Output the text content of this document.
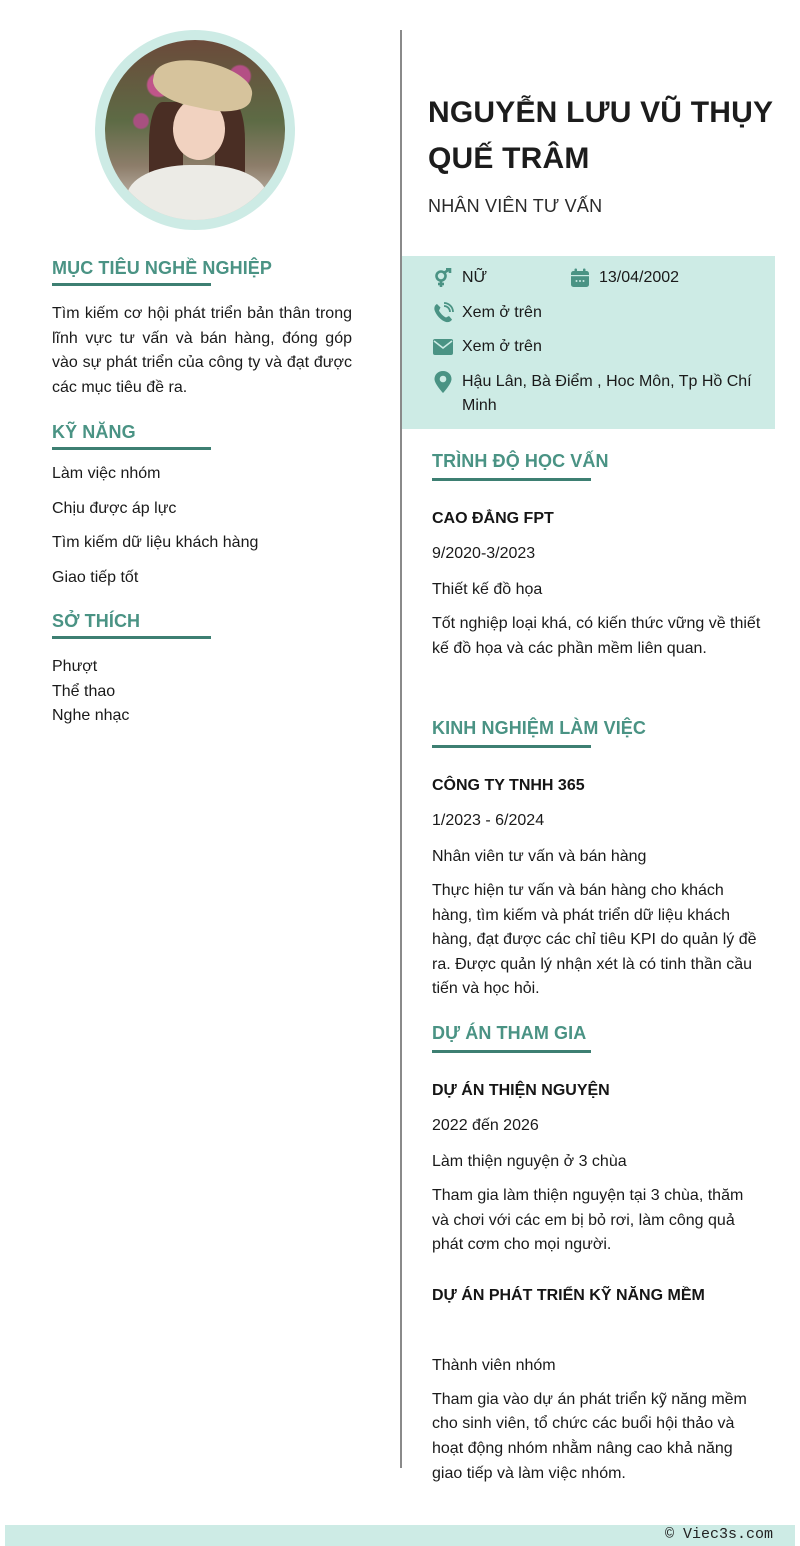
MỤC TIÊU NGHỀ NGHIỆP

Tìm kiếm cơ hội phát triển bản thân trong lĩnh vực tư vấn và bán hàng, đóng góp vào sự phát triển của công ty và đạt được các mục tiêu đề ra.

KỸ NĂNG
Làm việc nhóm
Chịu được áp lực
Tìm kiếm dữ liệu khách hàng
Giao tiếp tốt
SỞ THÍCH
Phượt
Thể thao
Nghe nhạc
NGUYỄN LƯU VŨ THỤY QUẾ TRÂM
NHÂN VIÊN TƯ VẤN
NỮ	13/04/2002
Xem ở trên
Xem ở trên
Hậu Lân, Bà Điểm , Hoc Môn, Tp Hồ Chí Minh
TRÌNH ĐỘ HỌC VẤN
CAO ĐẲNG FPT
9/2020-3/2023
Thiết kế đồ họa
Tốt nghiệp loại khá, có kiến thức vững về thiết kế đồ họa và các phần mềm liên quan.
KINH NGHIỆM LÀM VIỆC
CÔNG TY TNHH 365
1/2023 - 6/2024
Nhân viên tư vấn và bán hàng
Thực hiện tư vấn và bán hàng cho khách hàng, tìm kiếm và phát triển dữ liệu khách hàng, đạt được các chỉ tiêu KPI do quản lý đề ra. Được quản lý nhận xét là có tinh thần cầu tiến và học hỏi.
DỰ ÁN THAM GIA
DỰ ÁN THIỆN NGUYỆN
2022 đến 2026
Làm thiện nguyện ở 3 chùa
Tham gia làm thiện nguyện tại 3 chùa, thăm và chơi với các em bị bỏ rơi, làm công quả phát cơm cho mọi người.
DỰ ÁN PHÁT TRIỂN KỸ NĂNG MỀM
Thành viên nhóm
Tham gia vào dự án phát triển kỹ năng mềm cho sinh viên, tổ chức các buổi hội thảo và hoạt động nhóm nhằm nâng cao khả năng giao tiếp và làm việc nhóm.
© Viec3s.com
